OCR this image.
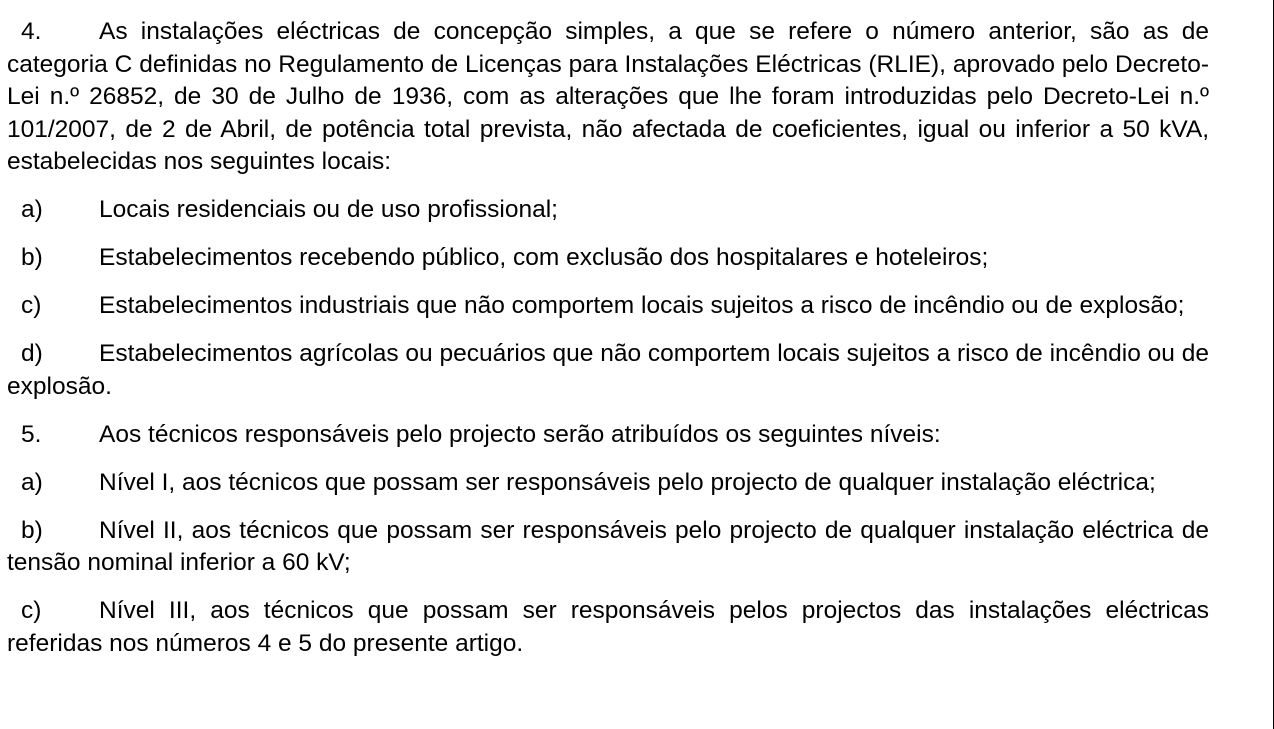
4. As instalações eléctricas de concepção simples, a que se refere o número anterior, são as de categoria C definidas no Regulamento de Licenças para Instalações Eléctricas (RLIE), aprovado pelo Decreto-Lei n.º 26852, de 30 de Julho de 1936, com as alterações que lhe foram introduzidas pelo Decreto-Lei n.º 101/2007, de 2 de Abril, de potência total prevista, não afectada de coeficientes, igual ou inferior a 50 kVA, estabelecidas nos seguintes locais:

a) Locais residenciais ou de uso profissional;

b) Estabelecimentos recebendo público, com exclusão dos hospitalares e hoteleiros;

c) Estabelecimentos industriais que não comportem locais sujeitos a risco de incêndio ou de explosão;

d) Estabelecimentos agrícolas ou pecuários que não comportem locais sujeitos a risco de incêndio ou de explosão.

5. Aos técnicos responsáveis pelo projecto serão atribuídos os seguintes níveis:

a) Nível I, aos técnicos que possam ser responsáveis pelo projecto de qualquer instalação eléctrica;

b) Nível II, aos técnicos que possam ser responsáveis pelo projecto de qualquer instalação eléctrica de tensão nominal inferior a 60 kV;

c) Nível III, aos técnicos que possam ser responsáveis pelos projectos das instalações eléctricas referidas nos números 4 e 5 do presente artigo.
